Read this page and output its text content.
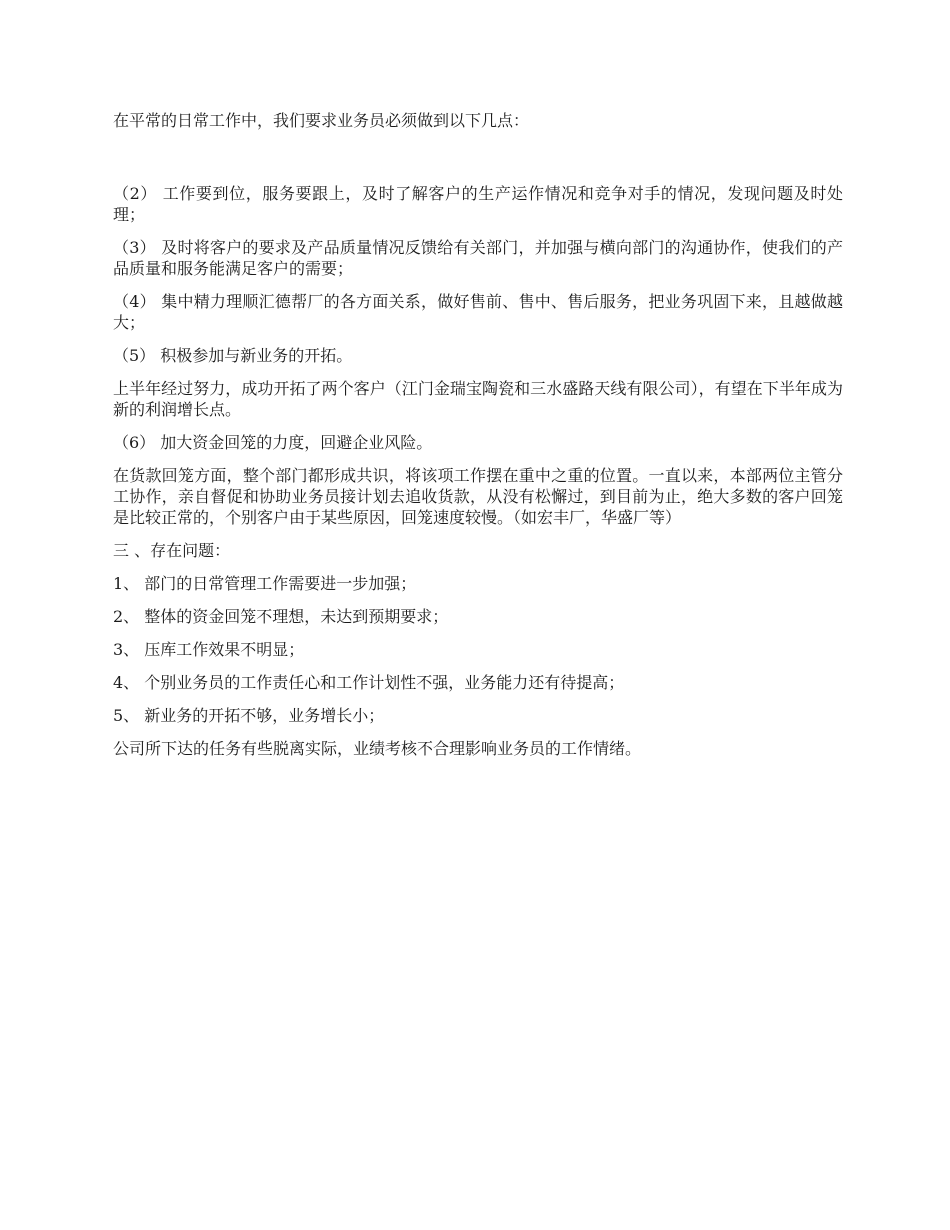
在平常的日常工作中，我们要求业务员必须做到以下几点：

（2） 工作要到位，服务要跟上，及时了解客户的生产运作情况和竞争对手的情况，发现问题及时处理；

（3） 及时将客户的要求及产品质量情况反馈给有关部门，并加强与横向部门的沟通协作，使我们的产品质量和服务能满足客户的需要；

（4） 集中精力理顺汇德帮厂的各方面关系，做好售前、售中、售后服务，把业务巩固下来，且越做越大；

（5） 积极参加与新业务的开拓。

上半年经过努力，成功开拓了两个客户（江门金瑞宝陶瓷和三水盛路天线有限公司），有望在下半年成为新的利润增长点。

（6） 加大资金回笼的力度，回避企业风险。

在货款回笼方面，整个部门都形成共识，将该项工作摆在重中之重的位置。一直以来，本部两位主管分工协作，亲自督促和协助业务员接计划去追收货款，从没有松懈过，到目前为止，绝大多数的客户回笼是比较正常的，个别客户由于某些原因，回笼速度较慢。（如宏丰厂，华盛厂等）

三 、存在问题：

1、 部门的日常管理工作需要进一步加强；

2、 整体的资金回笼不理想，未达到预期要求；

3、 压库工作效果不明显；

4、 个别业务员的工作责任心和工作计划性不强，业务能力还有待提高；

5、 新业务的开拓不够，业务增长小；

公司所下达的任务有些脱离实际，业绩考核不合理影响业务员的工作情绪。
